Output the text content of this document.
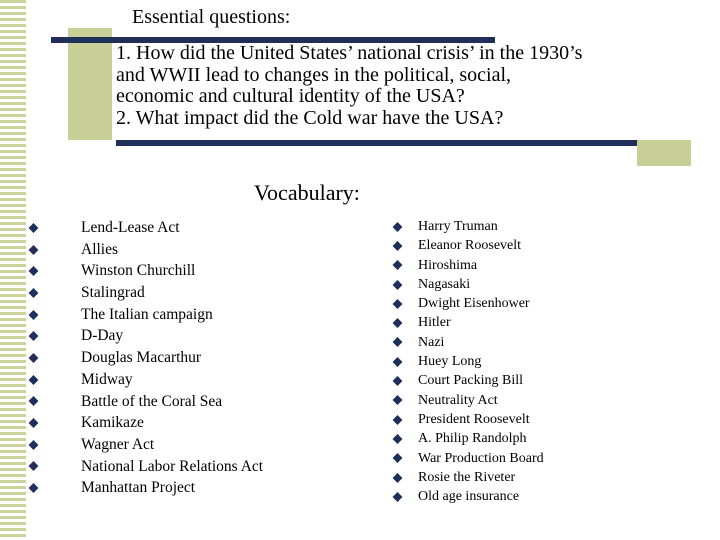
Essential questions:

1. How did the United States’ national crisis’ in the 1930’s

and WWII lead to changes in the political, social,

economic and cultural identity of the USA?

2. What impact did the Cold war have the USA?

Vocabulary:
Lend-Lease Act
Allies
Winston Churchill
Stalingrad
The Italian campaign
D-Day
Douglas Macarthur
Midway
Battle of the Coral Sea
Kamikaze
Wagner Act
National Labor Relations Act
Manhattan Project
Harry Truman
Eleanor Roosevelt
Hiroshima
Nagasaki
Dwight Eisenhower
Hitler
Nazi
Huey Long
Court Packing Bill
Neutrality Act
President Roosevelt
A. Philip Randolph
War Production Board
Rosie the Riveter
Old age insurance
